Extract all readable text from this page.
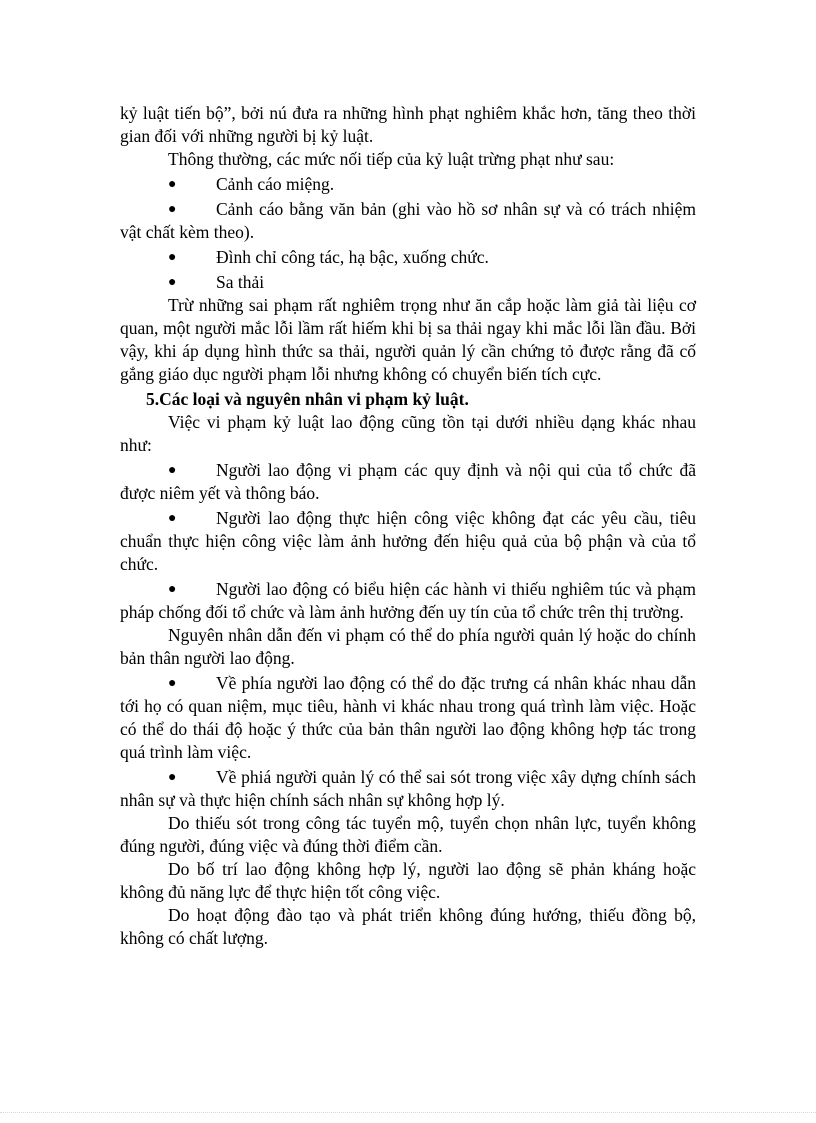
kỷ luật tiến bộ”, bởi nú đưa ra những hình phạt nghiêm khắc hơn, tăng theo thời gian đối với những người bị kỷ luật.

Thông thường, các mức nối tiếp của kỷ luật trừng phạt như sau:

● Cảnh cáo miệng.

● Cảnh cáo bằng văn bản (ghi vào hồ sơ nhân sự và có trách nhiệm vật chất kèm theo).

● Đình chỉ công tác, hạ bậc, xuống chức.

● Sa thải

Trừ những sai phạm rất nghiêm trọng như ăn cắp hoặc làm giả tài liệu cơ quan, một người mắc lỗi lầm rất hiếm khi bị sa thải ngay khi mắc lỗi lần đầu. Bởi vậy, khi áp dụng hình thức sa thải, người quản lý cần chứng tỏ được rằng đã cố gắng giáo dục người phạm lỗi nhưng không có chuyển biến tích cực.

5.Các loại và nguyên nhân vi phạm kỷ luật.

Việc vi phạm kỷ luật lao động cũng tồn tại dưới nhiều dạng khác nhau như:

● Người lao động vi phạm các quy định và nội qui của tổ chức đã được niêm yết và thông báo.

● Người lao động thực hiện công việc không đạt các yêu cầu, tiêu chuẩn thực hiện công việc làm ảnh hưởng đến hiệu quả của bộ phận và của tổ chức.

● Người lao động có biểu hiện các hành vi thiếu nghiêm túc và phạm pháp chống đối tổ chức và làm ảnh hưởng đến uy tín của tổ chức trên thị trường.

Nguyên nhân dẫn đến vi phạm có thể do phía người quản lý hoặc do chính bản thân người lao động.

● Về phía người lao động có thể do đặc trưng cá nhân khác nhau dẫn tới họ có quan niệm, mục tiêu, hành vi khác nhau trong quá trình làm việc. Hoặc có thể do thái độ hoặc ý thức của bản thân người lao động không hợp tác trong quá trình làm việc.

● Về phiá người quản lý có thể sai sót trong việc xây dựng chính sách nhân sự và thực hiện chính sách nhân sự không hợp lý.

Do thiếu sót trong công tác tuyển mộ, tuyển chọn nhân lực, tuyển không đúng người, đúng việc và đúng thời điểm cần.

Do bố trí lao động không hợp lý, người lao động sẽ phản kháng hoặc không đủ năng lực để thực hiện tốt công việc.

Do hoạt động đào tạo và phát triển không đúng hướng, thiếu đồng bộ, không có chất lượng.
